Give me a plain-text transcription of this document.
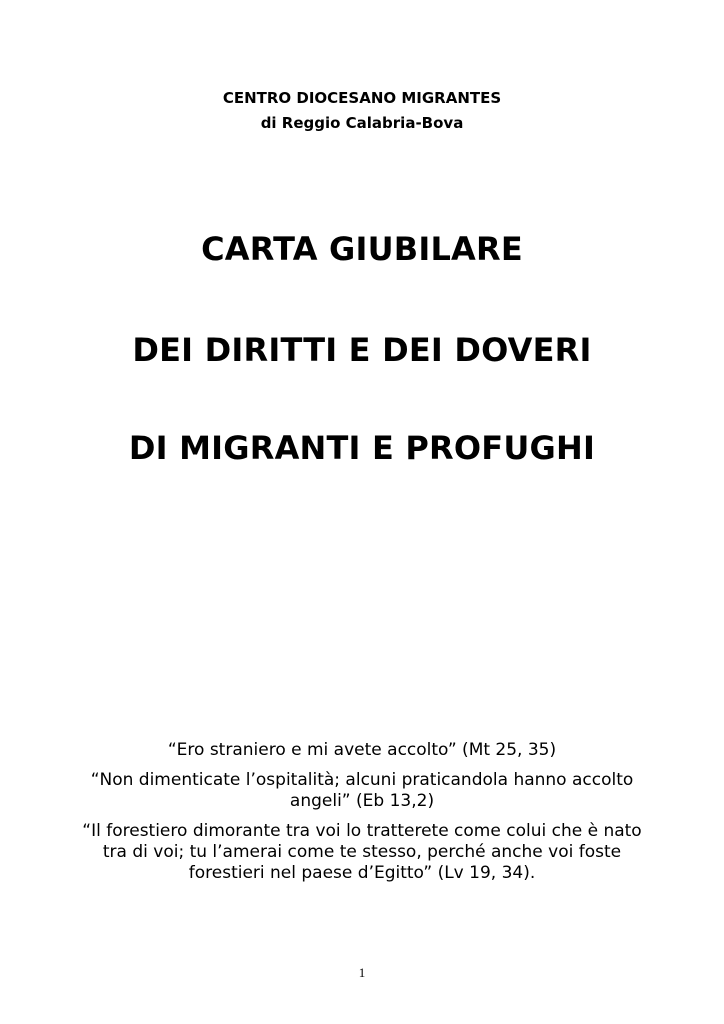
CENTRO DIOCESANO MIGRANTES
di Reggio Calabria-Bova
CARTA GIUBILARE
DEI DIRITTI E DEI DOVERI
DI MIGRANTI E PROFUGHI

“Ero straniero e mi avete accolto” (Mt 25, 35)

“Non dimenticate l’ospitalità; alcuni praticandola hanno accolto angeli” (Eb 13,2)

“Il forestiero dimorante tra voi lo tratterete come colui che è nato tra di voi; tu l’amerai come te stesso, perché anche voi foste forestieri nel paese d’Egitto” (Lv 19, 34).

1
